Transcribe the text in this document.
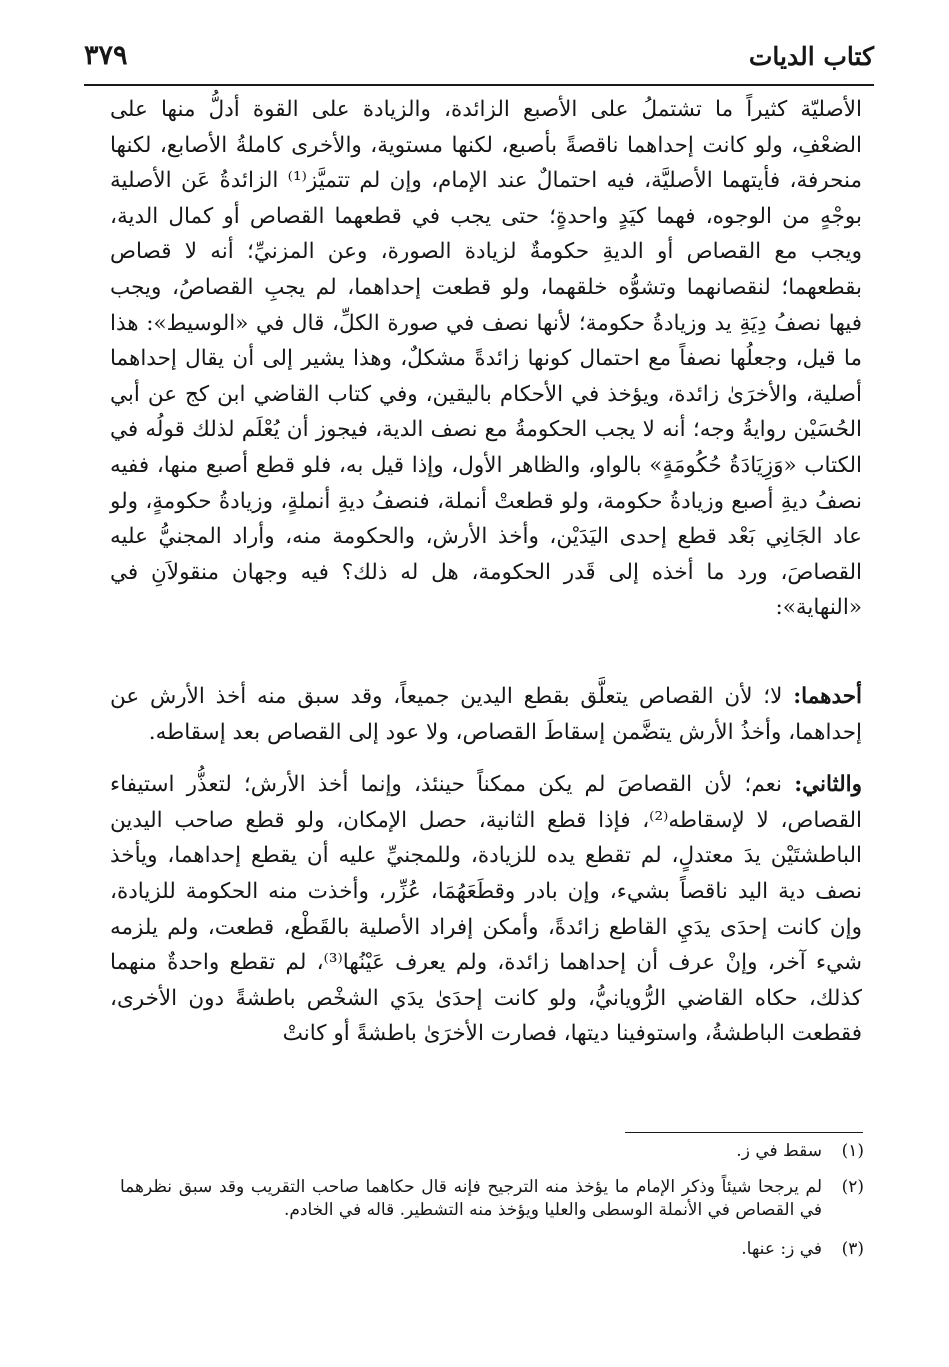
كتاب الديات
٣٧٩

الأصليّة كثيراً ما تشتملُ على الأصبع الزائدة، والزيادة على القوة أدلُّ منها على الضعْفِ، ولو كانت إحداهما ناقصةً بأصبع، لكنها مستوية، والأخرى كاملةُ الأصابع، لكنها منحرفة، فأيتهما الأصليَّة، فيه احتمالٌ عند الإمام، وإن لم تتميَّز⁽¹⁾ الزائدةُ عَن الأصلية بوجْهٍ من الوجوه، فهما كيَدٍ واحدةٍ؛ حتى يجب في قطعهما القصاص أو كمال الدية، ويجب مع القصاص أو الديةِ حكومةٌ لزيادة الصورة، وعن المزنيِّ؛ أنه لا قصاص بقطعهما؛ لنقصانهما وتشوُّه خلقهما، ولو قطعت إحداهما، لم يجبِ القصاصُ، ويجب فيها نصفُ دِيَةِ يد وزيادةُ حكومة؛ لأنها نصف في صورة الكلِّ، قال في «الوسيط»: هذا ما قيل، وجعلُها نصفاً مع احتمال كونها زائدةً مشكلٌ، وهذا يشير إلى أن يقال إحداهما أصلية، والأخرَىٰ زائدة، ويؤخذ في الأحكام باليقين، وفي كتاب القاضي ابن كج عن أبي الحُسَيْن روايةُ وجه؛ أنه لا يجب الحكومةُ مع نصف الدية، فيجوز أن يُعْلَم لذلك قولُه في الكتاب «وَزِيَادَةُ حُكُومَةٍ» بالواو، والظاهر الأول، وإذا قيل به، فلو قطع أصبع منها، ففيه نصفُ ديةِ أصبع وزيادةُ حكومة، ولو قطعتْ أنملة، فنصفُ ديةِ أنملةٍ، وزيادةُ حكومةٍ، ولو عاد الجَانِي بَعْد قطع إحدى اليَدَيْن، وأخذ الأرش، والحكومة منه، وأراد المجنيُّ عليه القصاصَ، ورد ما أخذه إلى قَدر الحكومة، هل له ذلك؟ فيه وجهان منقولاَنِ في «النهاية»:

أحدهما: لا؛ لأن القصاص يتعلَّق بقطع اليدين جميعاً، وقد سبق منه أخذ الأرش عن إحداهما، وأخذُ الأرش يتضَّمن إسقاطَ القصاص، ولا عود إلى القصاص بعد إسقاطه.

والثاني: نعم؛ لأن القصاصَ لم يكن ممكناً حينئذ، وإنما أخذ الأرش؛ لتعذُّر استيفاء القصاص، لا لإسقاطه⁽²⁾، فإذا قطع الثانية، حصل الإمكان، ولو قطع صاحب اليدين الباطشتَيْن يدَ معتدلٍ، لم تقطع يده للزيادة، وللمجنيِّ عليه أن يقطع إحداهما، ويأخذ نصف دية اليد ناقصاً بشيء، وإن بادر وقطَعَهُمَا، عُزِّر، وأخذت منه الحكومة للزيادة، وإن كانت إحدَى يدَيِ القاطع زائدةً، وأمكن إفراد الأصلية بالقَطْع، قطعت، ولم يلزمه شيء آخر، وإنْ عرف أن إحداهما زائدة، ولم يعرف عَيْنُها⁽³⁾، لم تقطع واحدةٌ منهما كذلك، حكاه القاضي الرُّويانيُّ، ولو كانت إحدَىٰ يدَي الشخْص باطشةً دون الأخرى، فقطعت الباطشةُ، واستوفينا ديتها، فصارت الأخرَىٰ باطشةً أو كانتْ

(١)
سقط في ز.
(٢)
لم يرجحا شيئاً وذكر الإمام ما يؤخذ منه الترجيح فإنه قال حكاهما صاحب التقريب وقد سبق نظرهما في القصاص في الأنملة الوسطى والعليا ويؤخذ منه التشطير. قاله في الخادم.
(٣)
في ز: عنها.
